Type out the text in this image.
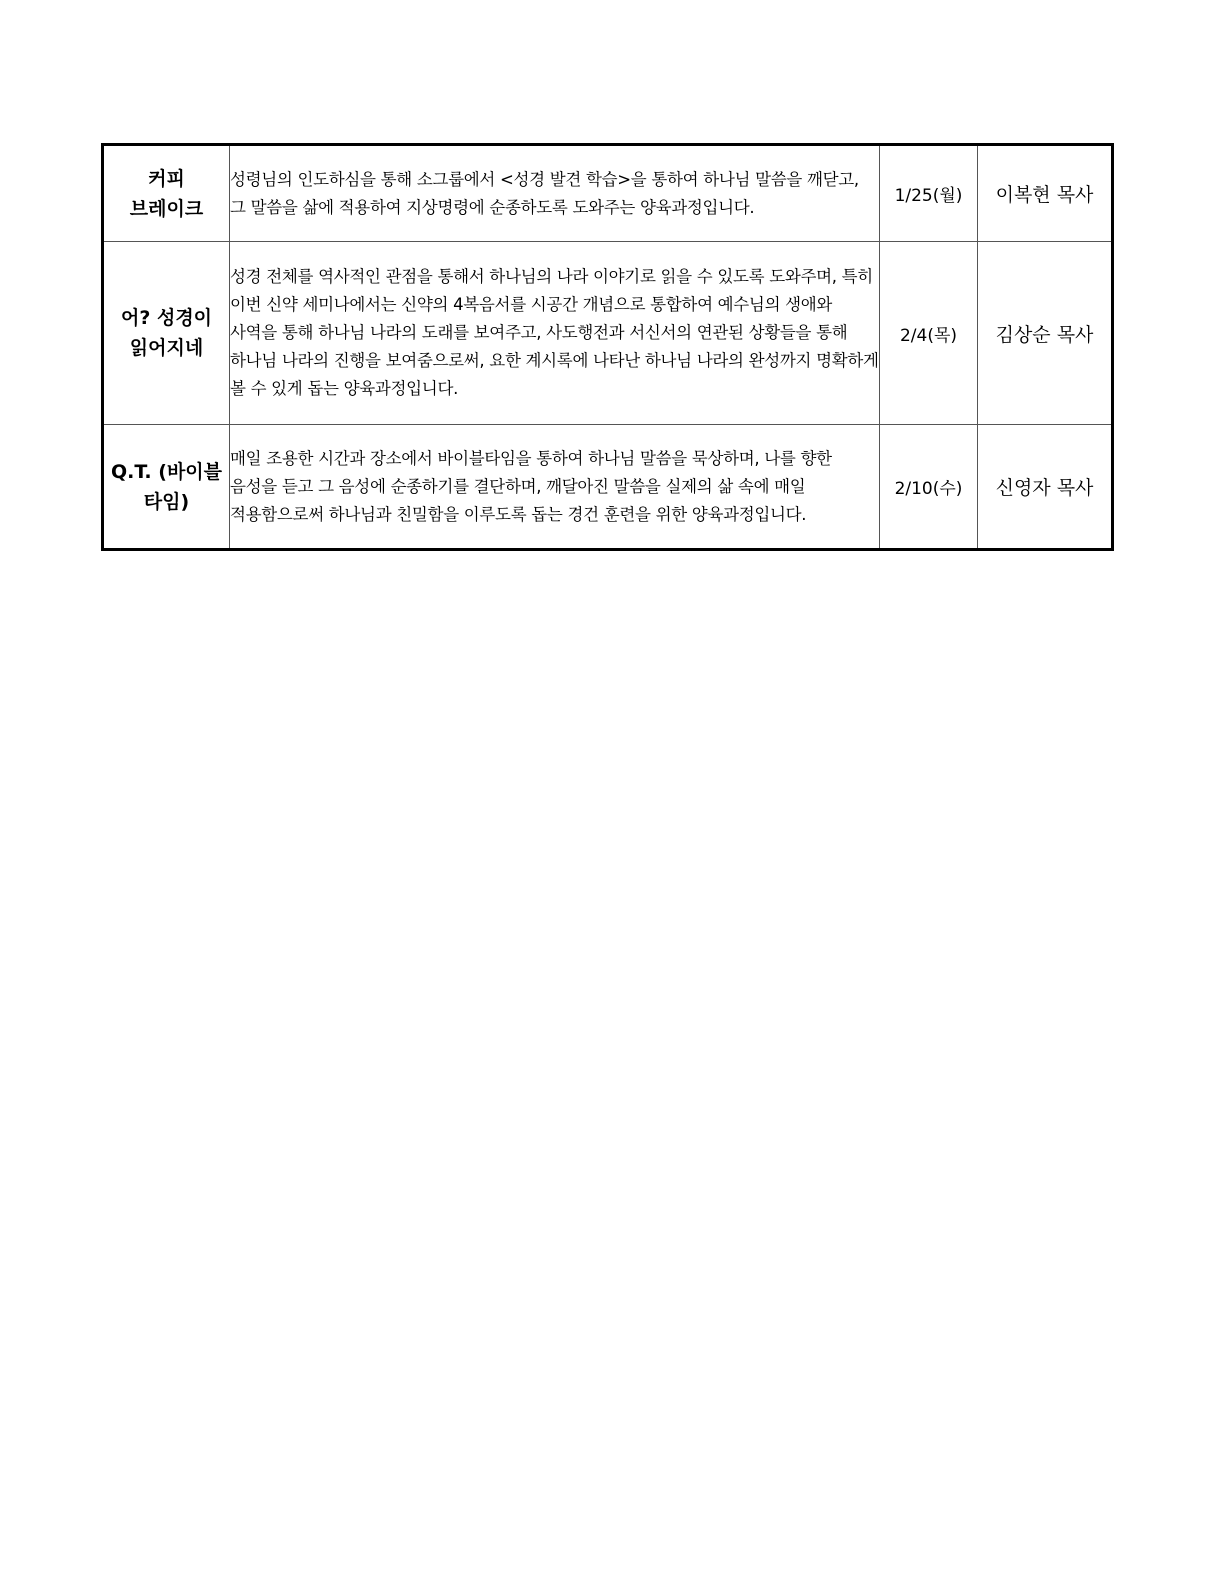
커피
브레이크	성령님의 인도하심을 통해 소그룹에서 <성경 발견 학습>을 통하여 하나님 말씀을 깨닫고, 그 말씀을 삶에 적용하여 지상명령에 순종하도록 도와주는 양육과정입니다.	1/25(월)	이복현 목사

어? 성경이
읽어지네	성경 전체를 역사적인 관점을 통해서 하나님의 나라 이야기로 읽을 수 있도록 도와주며, 특히 이번 신약 세미나에서는 신약의 4복음서를 시공간 개념으로 통합하여 예수님의 생애와 사역을 통해 하나님 나라의 도래를 보여주고, 사도행전과 서신서의 연관된 상황들을 통해 하나님 나라의 진행을 보여줌으로써, 요한 계시록에 나타난 하나님 나라의 완성까지 명확하게 볼 수 있게 돕는 양육과정입니다.	2/4(목)	김상순 목사

Q.T. (바이블
타임)	매일 조용한 시간과 장소에서 바이블타임을 통하여 하나님 말씀을 묵상하며, 나를 향한 음성을 듣고 그 음성에 순종하기를 결단하며, 깨달아진 말씀을 실제의 삶 속에 매일 적용함으로써 하나님과 친밀함을 이루도록 돕는 경건 훈련을 위한 양육과정입니다.	2/10(수)	신영자 목사
